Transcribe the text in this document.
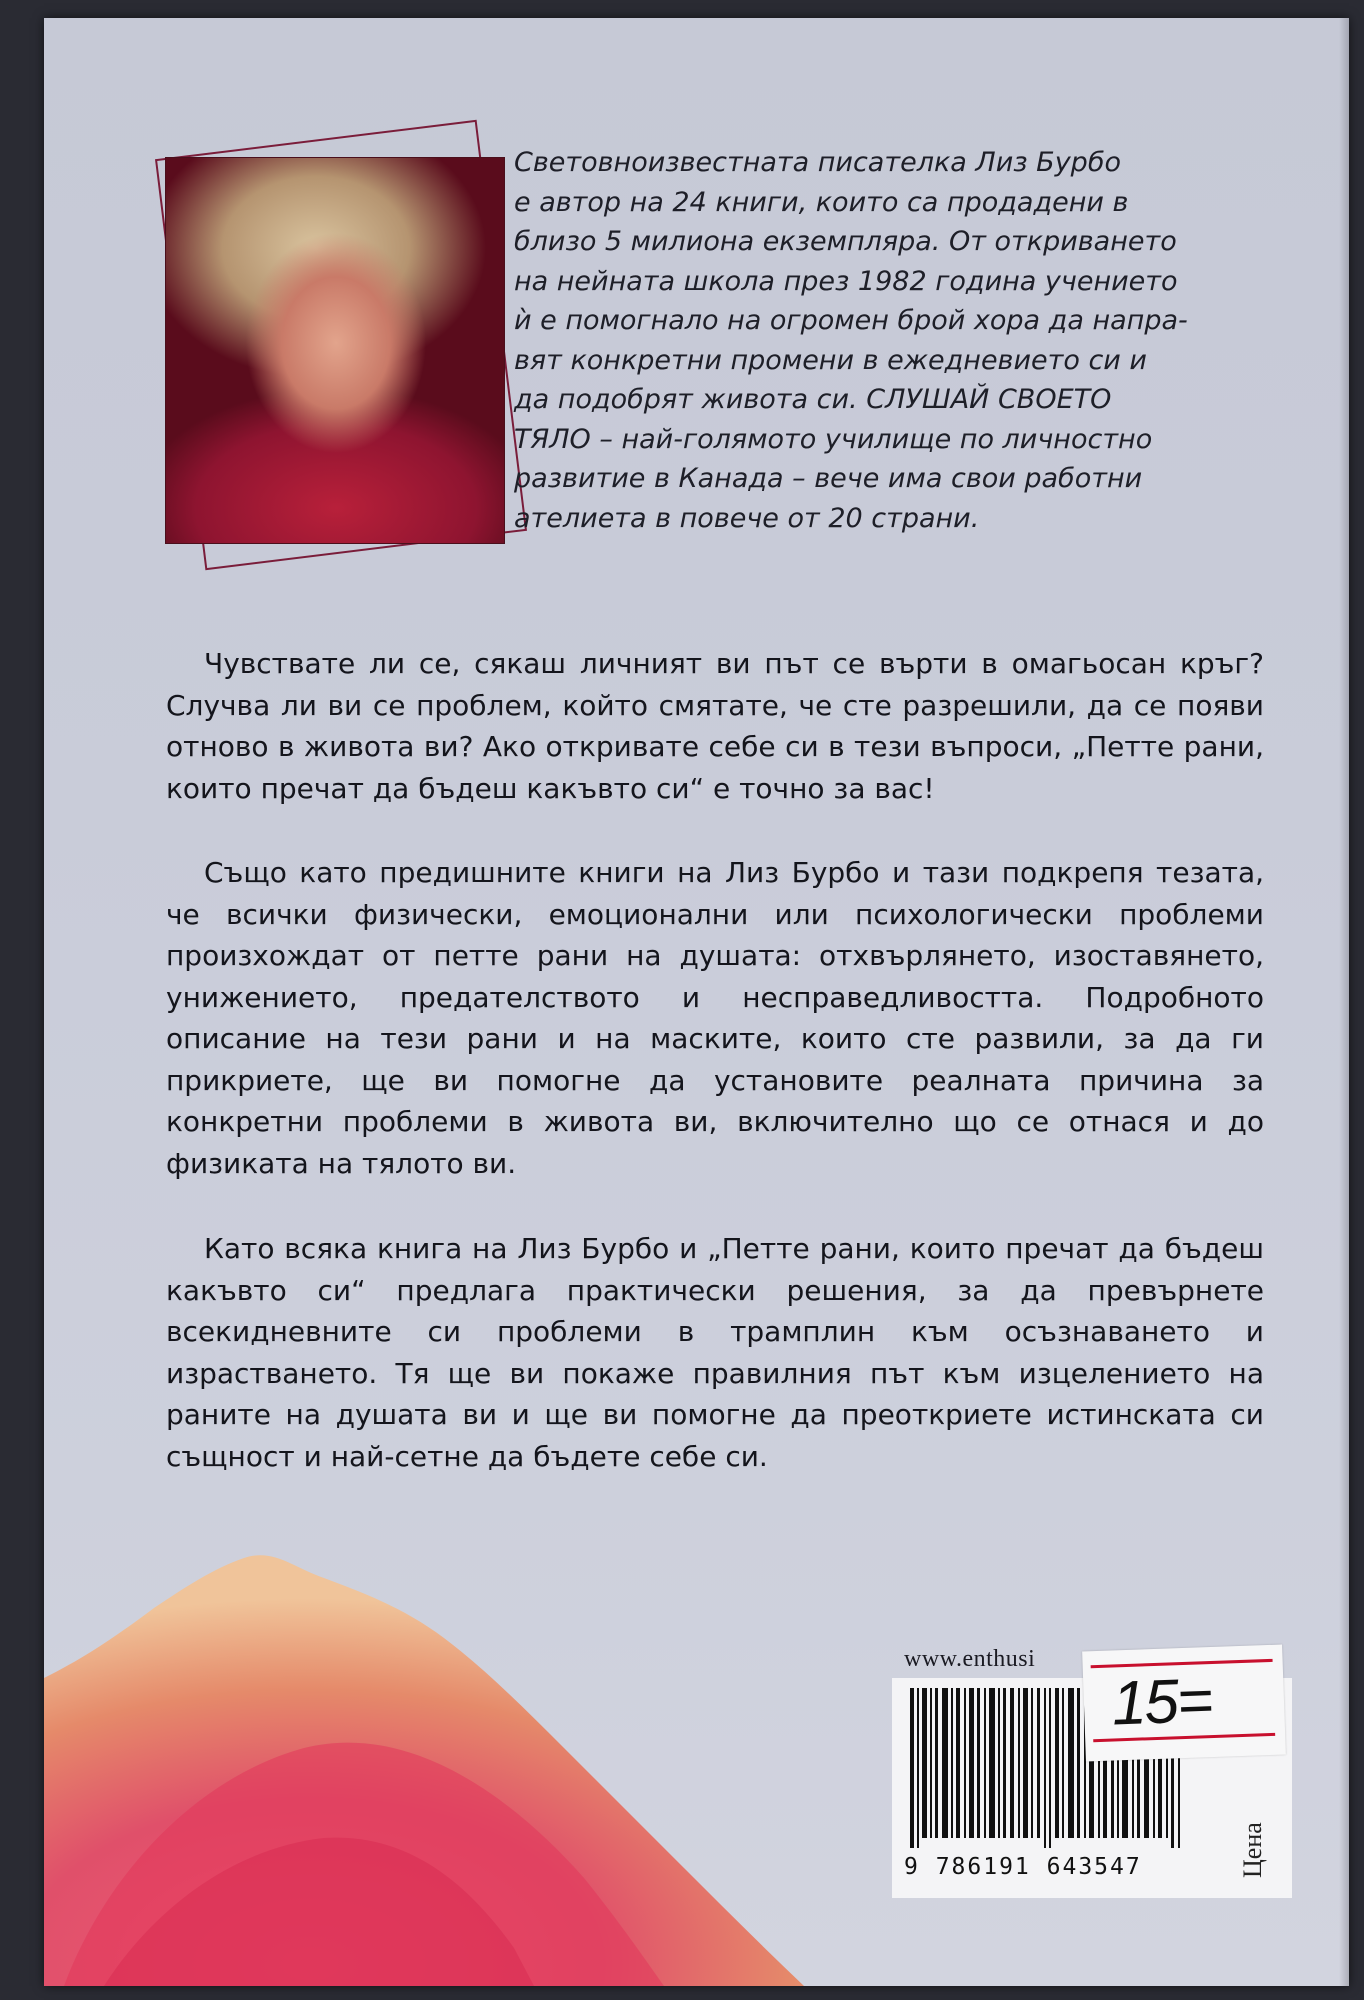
Световноизвестната писателка Лиз Бурбо
е автор на 24 книги, които са продадени в
близо 5 милиона екземпляра. От откриването
на нейната школа през 1982 година учението
ѝ е помогнало на огромен брой хора да напра-
вят конкретни промени в ежедневието си и
да подобрят живота си. СЛУШАЙ СВОЕТО
ТЯЛО – най-голямото училище по личностно
развитие в Канада – вече има свои работни
ателиета в повече от 20 страни.
Чувствате ли се, сякаш личният ви път се върти в омагьосан кръг? Случва ли ви се проблем, който смятате, че сте разрешили, да се появи отново в живота ви? Ако откривате себе си в тези въпроси, „Петте рани, които пречат да бъдеш какъвто си“ е точно за вас!
Също като предишните книги на Лиз Бурбо и тази подкрепя тезата, че всички физически, емоционални или психологически проблеми произхождат от петте рани на душата: отхвърлянето, изоставянето, унижението, предателството и несправедливостта. Подробното описание на тези рани и на маските, които сте развили, за да ги прикриете, ще ви помогне да установите реалната причина за конкретни проблеми в живота ви, включително що се отнася и до физиката на тялото ви.
Като всяка книга на Лиз Бурбо и „Петте рани, които пречат да бъдеш какъвто си“ предлага практически решения, за да превърнете всекидневните си проблеми в трамплин към осъзнаването и израстването. Тя ще ви покаже правилния път към изцелението на раните на душата ви и ще ви помогне да преоткриете истинската си същност и най-сетне да бъдете себе си.
www.enthusi
9 786191 643547
15=
Цена
